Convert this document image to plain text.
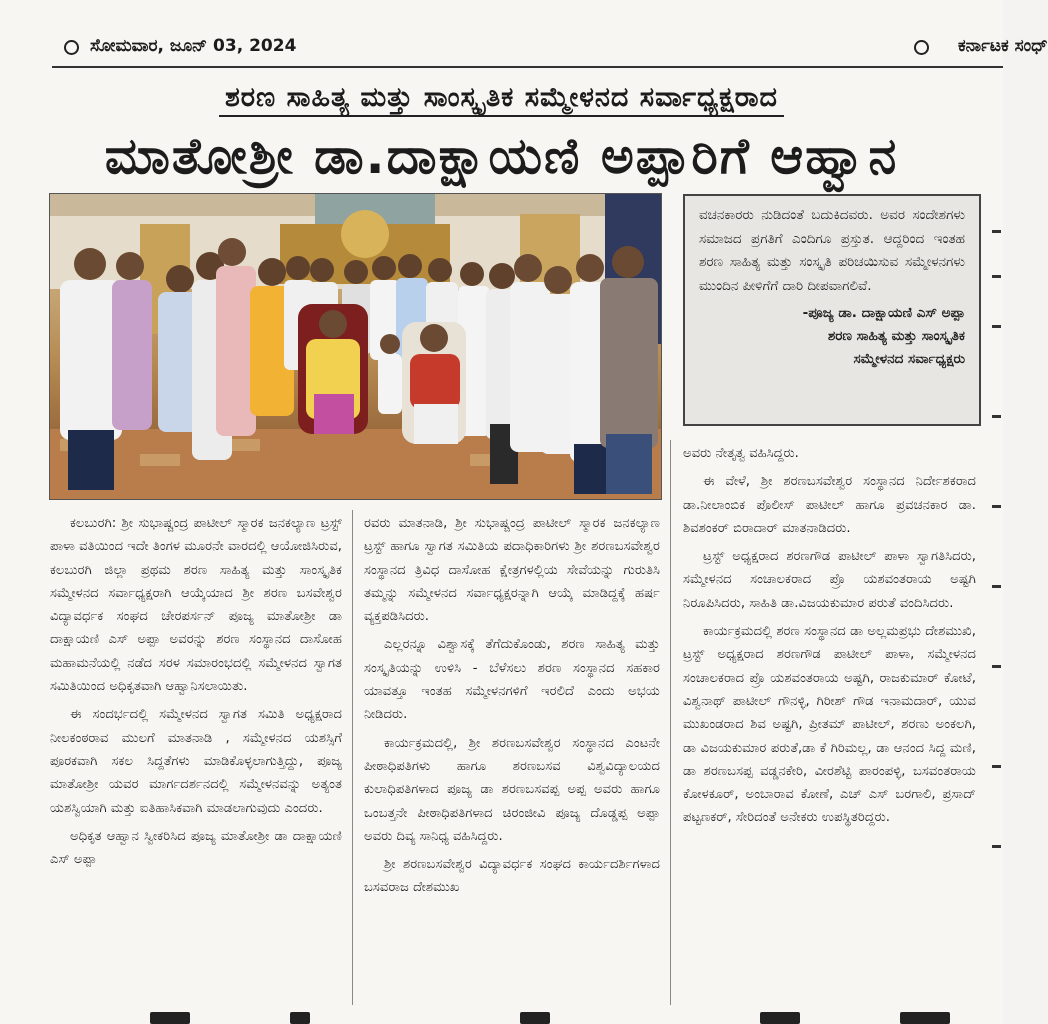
ಸೋಮವಾರ, ಜೂನ್ 03, 2024	ಕರ್ನಾಟಕ ಸಂಧ್
ಶರಣ ಸಾಹಿತ್ಯ ಮತ್ತು ಸಾಂಸ್ಕೃತಿಕ ಸಮ್ಮೇಳನದ ಸರ್ವಾಧ್ಯಕ್ಷರಾದ
ಮಾತೋಶ್ರೀ ಡಾ.ದಾಕ್ಷಾಯಣಿ ಅಪ್ಪಾರಿಗೆ ಆಹ್ವಾನ

ವಚನಕಾರರು ನುಡಿದಂತೆ ಬದುಕಿದವರು. ಅವರ ಸಂದೇಶಗಳು ಸಮಾಜದ ಪ್ರಗತಿಗೆ ಎಂದಿಗೂ ಪ್ರಸ್ತುತ. ಆದ್ದರಿಂದ ಇಂತಹ ಶರಣ ಸಾಹಿತ್ಯ ಮತ್ತು ಸಂಸ್ಕೃತಿ ಪರಿಚಯಿಸುವ ಸಮ್ಮೇಳನಗಳು ಮುಂದಿನ ಪೀಳಿಗೆಗೆ ದಾರಿ ದೀಪವಾಗಲಿವೆ.

-ಪೂಜ್ಯ ಡಾ. ದಾಕ್ಷಾಯಣಿ ಎಸ್ ಅಪ್ಪಾ
ಶರಣ ಸಾಹಿತ್ಯ ಮತ್ತು ಸಾಂಸ್ಕೃತಿಕ
ಸಮ್ಮೇಳನದ ಸರ್ವಾಧ್ಯಕ್ಷರು

ಕಲಬುರಗಿ: ಶ್ರೀ ಸುಭಾಷ್ಚಂದ್ರ ಪಾಟೀಲ್ ಸ್ಮಾರಕ ಜನಕಲ್ಯಾಣ ಟ್ರಸ್ಟ್ ಪಾಳಾ ವತಿಯಿಂದ ಇದೇ ತಿಂಗಳ ಮೂರನೇ ವಾರದಲ್ಲಿ ಆಯೋಜಿಸಿರುವ, ಕಲಬುರಗಿ ಜಿಲ್ಲಾ ಪ್ರಥಮ ಶರಣ ಸಾಹಿತ್ಯ ಮತ್ತು ಸಾಂಸ್ಕೃತಿಕ ಸಮ್ಮೇಳನದ ಸರ್ವಾಧ್ಯಕ್ಷರಾಗಿ ಆಯ್ಕೆಯಾದ ಶ್ರೀ ಶರಣ ಬಸವೇಶ್ವರ ವಿದ್ಯಾವರ್ಧಕ ಸಂಘದ ಚೇರಪರ್ಸನ್ ಪೂಜ್ಯ ಮಾತೋಶ್ರೀ ಡಾ ದಾಕ್ಷಾಯಣಿ ಎಸ್ ಅಪ್ಪಾ ಅವರನ್ನು ಶರಣ ಸಂಸ್ಥಾನದ ದಾಸೋಹ ಮಹಾಮನೆಯಲ್ಲಿ ನಡೆದ ಸರಳ ಸಮಾರಂಭದಲ್ಲಿ ಸಮ್ಮೇಳನದ ಸ್ವಾಗತ ಸಮಿತಿಯಿಂದ ಅಧಿಕೃತವಾಗಿ ಆಹ್ವಾನಿಸಲಾಯಿತು.

ಈ ಸಂದರ್ಭದಲ್ಲಿ ಸಮ್ಮೇಳನದ ಸ್ವಾಗತ ಸಮಿತಿ ಅಧ್ಯಕ್ಷರಾದ ನೀಲಕಂಠರಾವ ಮುಲಗೆ ಮಾತನಾಡಿ , ಸಮ್ಮೇಳನದ ಯಶಸ್ಸಿಗೆ ಪೂರಕವಾಗಿ ಸಕಲ ಸಿದ್ದತೆಗಳು ಮಾಡಿಕೊಳ್ಳಲಾಗುತ್ತಿದ್ದು, ಪೂಜ್ಯ ಮಾತೋಶ್ರೀ ಯವರ ಮಾರ್ಗದರ್ಶನದಲ್ಲಿ ಸಮ್ಮೇಳನವನ್ನು ಅತ್ಯಂತ ಯಶಸ್ವಿಯಾಗಿ ಮತ್ತು ಐತಿಹಾಸಿಕವಾಗಿ ಮಾಡಲಾಗುವುದು ಎಂದರು.

ಅಧಿಕೃತ ಆಹ್ವಾನ ಸ್ವೀಕರಿಸಿದ ಪೂಜ್ಯ ಮಾತೋಶ್ರೀ ಡಾ ದಾಕ್ಷಾಯಣಿ ಎಸ್ ಅಪ್ಪಾ

ರವರು ಮಾತನಾಡಿ, ಶ್ರೀ ಸುಭಾಷ್ಚಂದ್ರ ಪಾಟೀಲ್ ಸ್ಮಾರಕ ಜನಕಲ್ಯಾಣ ಟ್ರಸ್ಟ್ ಹಾಗೂ ಸ್ವಾಗತ ಸಮಿತಿಯ ಪದಾಧಿಕಾರಿಗಳು ಶ್ರೀ ಶರಣಬಸವೇಶ್ವರ ಸಂಸ್ಥಾನದ ತ್ರಿವಿಧ ದಾಸೋಹ ಕ್ಷೇತ್ರಗಳಲ್ಲಿಯ ಸೇವೆಯನ್ನು ಗುರುತಿಸಿ ತಮ್ಮನ್ನು ಸಮ್ಮೇಳನದ ಸರ್ವಾಧ್ಯಕ್ಷರನ್ನಾಗಿ ಆಯ್ಕೆ ಮಾಡಿದ್ದಕ್ಕೆ ಹರ್ಷ ವ್ಯಕ್ತಪಡಿಸಿದರು.

ಎಲ್ಲರನ್ನೂ ವಿಶ್ವಾಸಕ್ಕೆ ತೆಗೆದುಕೊಂಡು, ಶರಣ ಸಾಹಿತ್ಯ ಮತ್ತು ಸಂಸ್ಕೃತಿಯನ್ನು ಉಳಿಸಿ - ಬೆಳೆಸಲು ಶರಣ ಸಂಸ್ಥಾನದ ಸಹಕಾರ ಯಾವತ್ತೂ ಇಂತಹ ಸಮ್ಮೇಳನಗಳಿಗೆ ಇರಲಿದೆ ಎಂದು ಅಭಯ ನೀಡಿದರು.

ಕಾರ್ಯಕ್ರಮದಲ್ಲಿ, ಶ್ರೀ ಶರಣಬಸವೇಶ್ವರ ಸಂಸ್ಥಾನದ ಎಂಟನೇ ಪೀಠಾಧಿಪತಿಗಳು ಹಾಗೂ ಶರಣಬಸವ ವಿಶ್ವವಿದ್ಯಾಲಯದ ಕುಲಾಧಿಪತಿಗಳಾದ ಪೂಜ್ಯ ಡಾ ಶರಣಬಸವಪ್ಪ ಅಪ್ಪ ಅವರು ಹಾಗೂ ಒಂಬತ್ತನೇ ಪೀಠಾಧಿಪತಿಗಳಾದ ಚಿರಂಜೀವಿ ಪೂಜ್ಯ ದೊಡ್ಡಪ್ಪ ಅಪ್ಪಾ ಅವರು ದಿವ್ಯ ಸಾನಿಧ್ಯ ವಹಿಸಿದ್ದರು.

ಶ್ರೀ ಶರಣಬಸವೇಶ್ವರ ವಿದ್ಯಾವರ್ಧಕ ಸಂಘದ ಕಾರ್ಯದರ್ಶಿಗಳಾದ ಬಸವರಾಜ ದೇಶಮುಖ

ಅವರು ನೇತೃತ್ವ ವಹಿಸಿದ್ದರು.

ಈ ವೇಳೆ, ಶ್ರೀ ಶರಣಬಸವೇಶ್ವರ ಸಂಸ್ಥಾನದ ನಿರ್ದೇಶಕರಾದ ಡಾ.ನೀಲಾಂಬಿಕ ಪೊಲೀಸ್ ಪಾಟೀಲ್ ಹಾಗೂ ಪ್ರವಚನಕಾರ ಡಾ. ಶಿವಶಂಕರ್ ಬಿರಾದಾರ್ ಮಾತನಾಡಿದರು.

ಟ್ರಸ್ಟ್ ಅಧ್ಯಕ್ಷರಾದ ಶರಣಗೌಡ ಪಾಟೀಲ್ ಪಾಳಾ ಸ್ವಾಗತಿಸಿದರು, ಸಮ್ಮೇಳನದ ಸಂಚಾಲಕರಾದ ಪ್ರೊ ಯಶವಂತರಾಯ ಅಷ್ಟಗಿ ನಿರೂಪಿಸಿದರು, ಸಾಹಿತಿ ಡಾ.ವಿಜಯಕುಮಾರ ಪರುತೆ ವಂದಿಸಿದರು.

ಕಾರ್ಯಕ್ರಮದಲ್ಲಿ ಶರಣ ಸಂಸ್ಥಾನದ ಡಾ ಅಲ್ಲಮಪ್ರಭು ದೇಶಮುಖಿ, ಟ್ರಸ್ಟ್ ಅಧ್ಯಕ್ಷರಾದ ಶರಣಗೌಡ ಪಾಟೀಲ್ ಪಾಳಾ, ಸಮ್ಮೇಳನದ ಸಂಚಾಲಕರಾದ ಪ್ರೊ ಯಶವಂತರಾಯ ಅಷ್ಟಗಿ, ರಾಜಕುಮಾರ್ ಕೋಟೆ, ವಿಶ್ವನಾಥ್ ಪಾಟೀಲ್ ಗೌನಳ್ಳಿ, ಗಿರೀಶ್ ಗೌಡ ಇನಾಮದಾರ್, ಯುವ ಮುಖಂಡರಾದ ಶಿವ ಅಷ್ಟಗಿ, ಪ್ರೀತಮ್ ಪಾಟೀಲ್, ಶರಣು ಅಂಕಲಗಿ, ಡಾ ವಿಜಯಕುಮಾರ ಪರುತೆ,ಡಾ ಕೆ ಗಿರಿಮಲ್ಲ, ಡಾ ಆನಂದ ಸಿದ್ದ ಮಣಿ, ಡಾ ಶರಣಬಸಪ್ಪ ವಡ್ಡನಕೇರಿ, ವೀರಶೆಟ್ಟಿ ಪಾರಂಪಳ್ಳಿ, ಬಸವಂತರಾಯ ಕೋಳಕೂರ್, ಅಂಬಾರಾವ ಕೋಣೆ, ಎಚ್ ಎಸ್ ಬರಗಾಲಿ, ಪ್ರಸಾದ್ ಪಟ್ಟಣಕರ್, ಸೇರಿದಂತೆ ಅನೇಕರು ಉಪಸ್ಥಿತರಿದ್ದರು.
